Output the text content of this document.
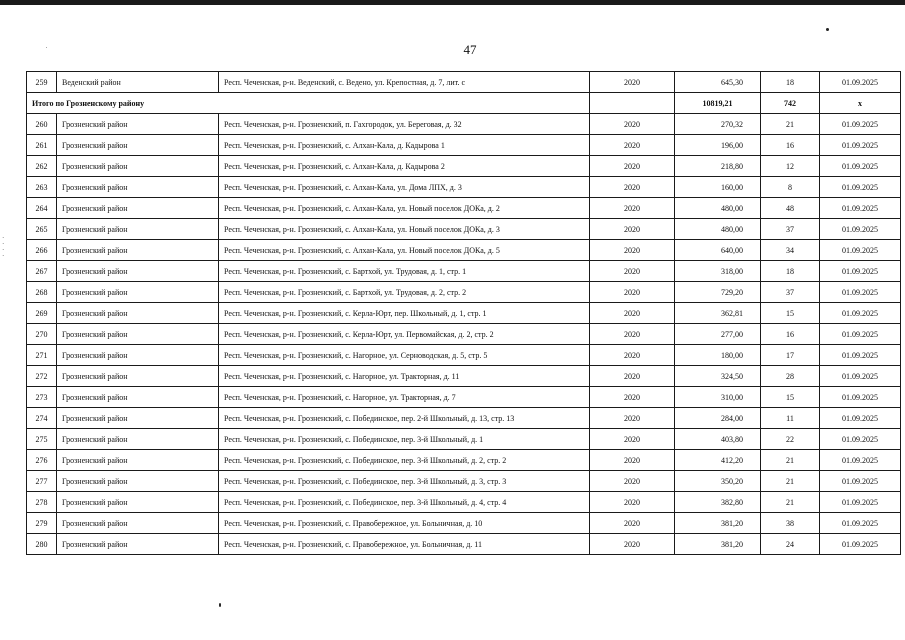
47
·
·
·
·
259	Веденский район	Респ. Чеченская, р-н. Веденский, с. Ведено, ул. Крепостная, д. 7, лит. с	2020	645,30	18	01.09.2025
Итого по Грозненскому району				10819,21	742	х
260	Грозненский район	Респ. Чеченская, р-н. Грозненский, п. Гахгородок, ул. Береговая, д. 32	2020	270,32	21	01.09.2025
261	Грозненский район	Респ. Чеченская, р-н. Грозненский, с. Алхан-Кала, д. Кадырова 1	2020	196,00	16	01.09.2025
262	Грозненский район	Респ. Чеченская, р-н. Грозненский, с. Алхан-Кала, д. Кадырова 2	2020	218,80	12	01.09.2025
263	Грозненский район	Респ. Чеченская, р-н. Грозненский, с. Алхан-Кала, ул. Дома ЛПХ, д. 3	2020	160,00	8	01.09.2025
264	Грозненский район	Респ. Чеченская, р-н. Грозненский, с. Алхан-Кала, ул. Новый поселок ДОКа, д. 2	2020	480,00	48	01.09.2025
265	Грозненский район	Респ. Чеченская, р-н. Грозненский, с. Алхан-Кала, ул. Новый поселок ДОКа, д. 3	2020	480,00	37	01.09.2025
266	Грозненский район	Респ. Чеченская, р-н. Грозненский, с. Алхан-Кала, ул. Новый поселок ДОКа, д. 5	2020	640,00	34	01.09.2025
267	Грозненский район	Респ. Чеченская, р-н. Грозненский, с. Бартхой, ул. Трудовая, д. 1, стр. 1	2020	318,00	18	01.09.2025
268	Грозненский район	Респ. Чеченская, р-н. Грозненский, с. Бартхой, ул. Трудовая, д. 2, стр. 2	2020	729,20	37	01.09.2025
269	Грозненский район	Респ. Чеченская, р-н. Грозненский, с. Керла-Юрт, пер. Школьный, д. 1, стр. 1	2020	362,81	15	01.09.2025
270	Грозненский район	Респ. Чеченская, р-н. Грозненский, с. Керла-Юрт, ул. Первомайская, д. 2, стр. 2	2020	277,00	16	01.09.2025
271	Грозненский район	Респ. Чеченская, р-н. Грозненский, с. Нагорное, ул. Серноводская, д. 5, стр. 5	2020	180,00	17	01.09.2025
272	Грозненский район	Респ. Чеченская, р-н. Грозненский, с. Нагорное, ул. Тракторная, д. 11	2020	324,50	28	01.09.2025
273	Грозненский район	Респ. Чеченская, р-н. Грозненский, с. Нагорное, ул. Тракторная, д. 7	2020	310,00	15	01.09.2025
274	Грозненский район	Респ. Чеченская, р-н. Грозненский, с. Побединское, пер. 2-й Школьный, д. 13, стр. 13	2020	284,00	11	01.09.2025
275	Грозненский район	Респ. Чеченская, р-н. Грозненский, с. Побединское, пер. 3-й Школьный, д. 1	2020	403,80	22	01.09.2025
276	Грозненский район	Респ. Чеченская, р-н. Грозненский, с. Побединское, пер. 3-й Школьный, д. 2, стр. 2	2020	412,20	21	01.09.2025
277	Грозненский район	Респ. Чеченская, р-н. Грозненский, с. Побединское, пер. 3-й Школьный, д. 3, стр. 3	2020	350,20	21	01.09.2025
278	Грозненский район	Респ. Чеченская, р-н. Грозненский, с. Побединское, пер. 3-й Школьный, д. 4, стр. 4	2020	382,80	21	01.09.2025
279	Грозненский район	Респ. Чеченская, р-н. Грозненский, с. Правобережное, ул. Больничная, д. 10	2020	381,20	38	01.09.2025
280	Грозненский район	Респ. Чеченская, р-н. Грозненский, с. Правобережное, ул. Больничная, д. 11	2020	381,20	24	01.09.2025
